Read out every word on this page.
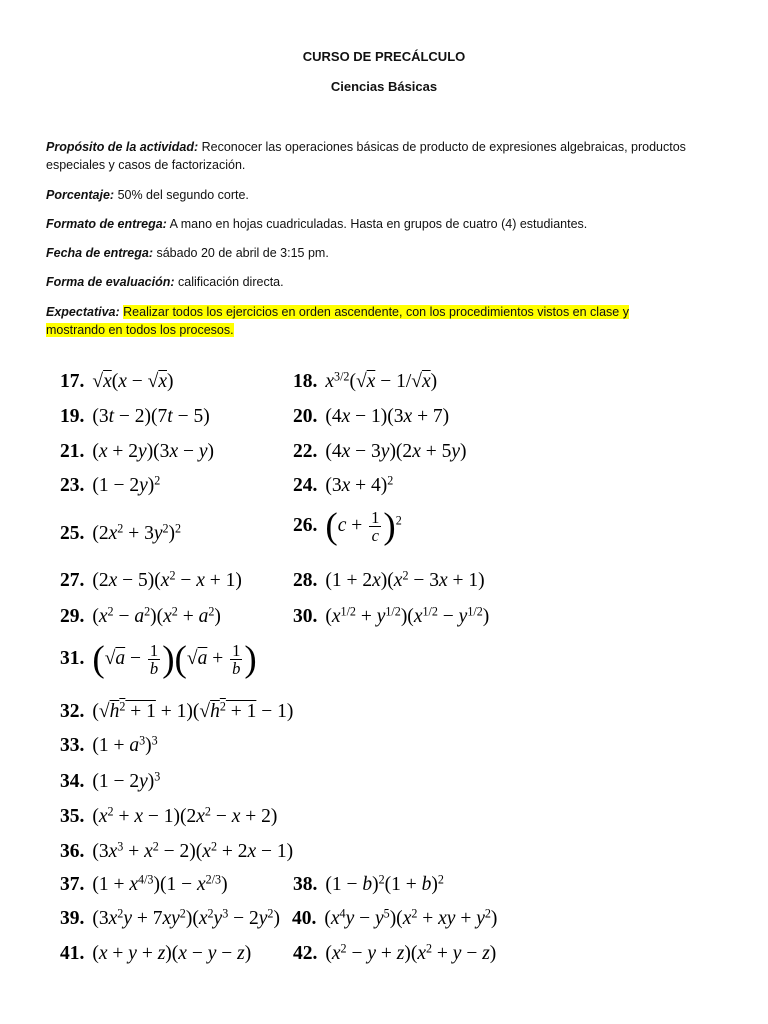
CURSO DE PRECÁLCULO
Ciencias Básicas
Propósito de la actividad: Reconocer las operaciones básicas de producto de expresiones algebraicas, productos especiales y casos de factorización.
Porcentaje: 50% del segundo corte.
Formato de entrega: A mano en hojas cuadriculadas. Hasta en grupos de cuatro (4) estudiantes.
Fecha de entrega: sábado 20 de abril de 3:15 pm.
Forma de evaluación: calificación directa.
Expectativa: Realizar todos los ejercicios en orden ascendente, con los procedimientos vistos en clase y mostrando en todos los procesos.
17. √x(x − √x)	18. $x^{3/2}(√x - 1/√x)$
19. (3t − 2)(7t − 5)	20. (4x − 1)(3x + 7)
21. (x + 2y)(3x − y)	22. (4x − 3y)(2x + 5y)
23. $(1 - 2y)^2$	24. $(3x + 4)^2$
25. $(2x^2 + 3y^2)^2$	26. $(c + \frac{1}{c} )^2$
27. $(2x - 5)(x^2 - x + 1)$	28. $(1 + 2x)(x^2 - 3x + 1)$
29. $(x^2 - a^2)(x^2 + a^2)$	30. $(x^{1/2} + y^{1/2})(x^{1/2} - y^{1/2})$
31. $(√a - \frac{1}{b} )(√a + \frac{1}{b}$ )
32. $(√h^2 + 1 + 1)(√h^2 + 1 - 1)$
33. $(1 + a^3)^3$
34. $(1 - 2y)^3$
35. $(x^2 + x - 1)(2x^2 - x + 2)$
36. $(3x^3 + x^2 - 2)(x^2 + 2x - 1)$
37. $(1 + x^{4/3})(1 - x^{2/3})$	38. $(1 - b)^2(1 + b)^2$
39. $(3x^2y + 7xy^2)(x^2y^3 - 2y^2)$ 40. $(x^4y - y^5)(x^2$ + xy + $y^2$)
41. (x + y + z)(x − y − z) 42. $(x^2 - y + z)(x^2 + y - z)$
